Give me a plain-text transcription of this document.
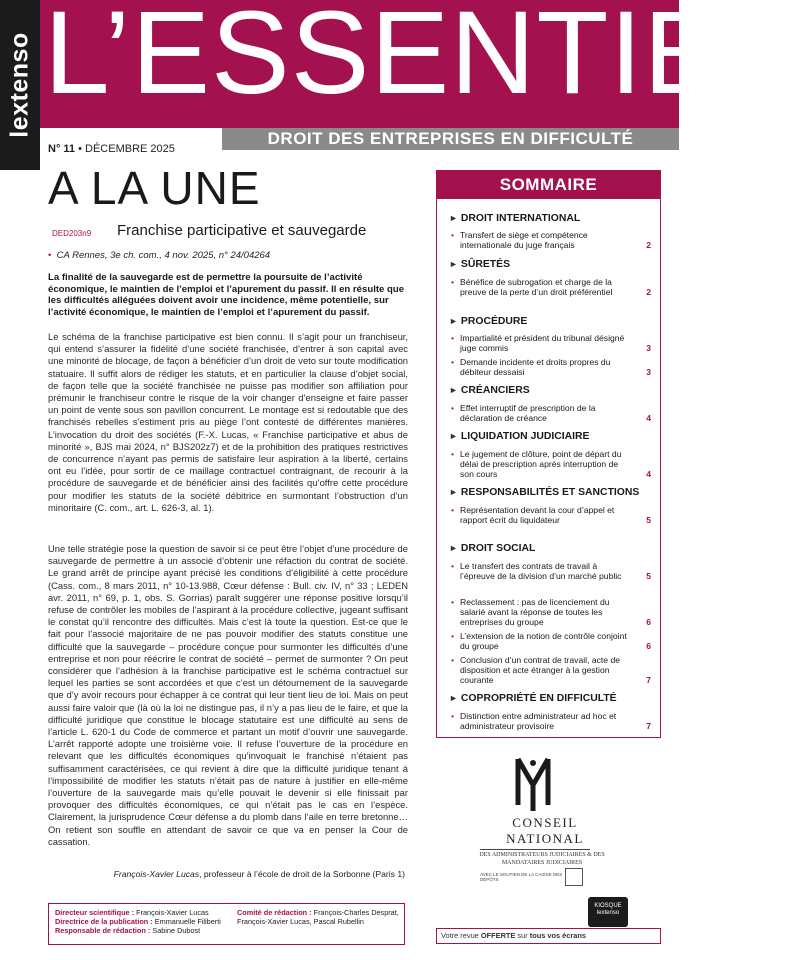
lextenso L’ESSENTIEL
DROIT DES ENTREPRISES EN DIFFICULTÉ
N° 11 • DÉCEMBRE 2025
A LA UNE
DED203n9 Franchise participative et sauvegarde
• CA Rennes, 3e ch. com., 4 nov. 2025, n° 24/04264
La finalité de la sauvegarde est de permettre la poursuite de l’activité économique, le maintien de l’emploi et l’apurement du passif. Il en résulte que les difficultés alléguées doivent avoir une incidence, même potentielle, sur l’activité économique, le maintien de l’emploi et l’apurement du passif.
Le schéma de la franchise participative est bien connu. Il s’agit pour un franchiseur, qui entend s’assurer la fidélité d’une société franchisée, d’entrer à son capital avec une minorité de blocage, de façon à bénéficier d’un droit de veto sur toute modification statuaire. Il suffit alors de rédiger les statuts, et en particulier la clause d’objet social, de façon telle que la société franchisée ne puisse pas modifier son affiliation pour prémunir le franchiseur contre le risque de la voir changer d’enseigne et faire passer un point de vente sous son pavillon concurrent. Le montage est si redoutable que des franchisés rebelles s’estiment pris au piège l’ont contesté de différentes manières. L’invocation du droit des sociétés (F.-X. Lucas, « Franchise participative et abus de minorité », BJS mai 2024, n° BJS202z7) et de la prohibition des pratiques restrictives de concurrence n’ayant pas permis de satisfaire leur aspiration à la liberté, certains ont eu l’idée, pour sortir de ce maillage contractuel contraignant, de recourir à la procédure de sauvegarde et de bénéficier ainsi des facilités qu’offre cette procédure pour modifier les statuts de la société débitrice en surmontant l’obstruction d’un minoritaire (C. com., art. L. 626-3, al. 1).
Une telle stratégie pose la question de savoir si ce peut être l’objet d’une procédure de sauvegarde de permettre à un associé d’obtenir une réfaction du contrat de société. Le grand arrêt de principe ayant précisé les conditions d’éligibilité à cette procédure (Cass. com., 8 mars 2011, n° 10-13.988, Cœur défense : Bull. civ. IV, n° 33 ; LEDEN avr. 2011, n° 69, p. 1, obs. S. Gorrias) paraît suggérer une réponse positive lorsqu’il refuse de contrôler les mobiles de l’aspirant à la procédure collective, jugeant suffisant le constat qu’il rencontre des difficultés. Mais c’est là toute la question. Est-ce que le fait pour l’associé majoritaire de ne pas pouvoir modifier des statuts constitue une difficulté que la sauvegarde – procédure conçue pour surmonter les difficultés d’une entreprise et non pour réécrire le contrat de société – permet de surmonter ? On peut considérer que l’adhésion à la franchise participative est le schéma contractuel sur lequel les parties se sont accordées et que c’est un détournement de la sauvegarde que d’y avoir recours pour échapper à ce contrat qui leur tient lieu de loi. Mais on peut aussi faire valoir que (là où la loi ne distingue pas, il n’y a pas lieu de le faire, et que la difficulté juridique que constitue le blocage statutaire est une difficulté au sens de l’article L. 620-1 du Code de commerce et partant un motif d’ouvrir une sauvegarde. L’arrêt rapporté adopte une troisième voie. Il refuse l’ouverture de la procédure en relevant que les difficultés économiques qu’invoquait le franchisé n’étaient pas suffisamment caractérisées, ce qui revient à dire que la difficulté juridique tenant à l’impossibilité de modifier les statuts n’était pas de nature à justifier en elle-même l’ouverture de la sauvegarde mais qu’elle pouvait le devenir si elle finissait par provoquer des difficultés économiques, ce qui n’était pas le cas en l’espèce. Clairement, la jurisprudence Cœur défense a du plomb dans l’aile en terre bretonne… On retient son souffle en attendant de savoir ce que va en penser la Cour de cassation.
François-Xavier Lucas, professeur à l’école de droit de la Sorbonne (Paris 1)
Directeur scientifique : François-Xavier Lucas
Directrice de la publication : Emmanuelle Filiberti
Responsable de rédaction : Sabine Dubost
Comité de rédaction : François-Charles Desprat, François-Xavier Lucas, Pascal Rubellin
SOMMAIRE
► DROIT INTERNATIONAL
• Transfert de siège et compétence internationale du juge français	2
► SÛRETÉS
• Bénéfice de subrogation et charge de la preuve de la perte d’un droit préférentiel	2
► PROCÉDURE
• Impartialité et président du tribunal désigné juge commis	3
• Demande incidente et droits propres du débiteur dessaisi	3
► CRÉANCIERS
• Effet interruptif de prescription de la déclaration de créance	4
► LIQUIDATION JUDICIAIRE
• Le jugement de clôture, point de départ du délai de prescription après interruption de son cours	4
► RESPONSABILITÉS ET SANCTIONS
• Représentation devant la cour d’appel et rapport écrit du liquidateur	5
► DROIT SOCIAL
• Le transfert des contrats de travail à l’épreuve de la division d’un marché public	5
• Reclassement : pas de licenciement du salarié avant la réponse de toutes les entreprises du groupe	6
• L’extension de la notion de contrôle conjoint du groupe	6
• Conclusion d’un contrat de travail, acte de disposition et acte étranger à la gestion courante	7
► COPROPRIÉTÉ EN DIFFICULTÉ
• Distinction entre administrateur ad hoc et administrateur provisoire	7
CONSEIL
NATIONAL
DES ADMINISTRATEURS JUDICIAIRES & DES MANDATAIRES JUDICIAIRES
AVEC LE SOUTIEN DE LA CAISSE DES DÉPÔTS
KIOSQUE
lextenso
Votre revue OFFERTE sur tous vos écrans
